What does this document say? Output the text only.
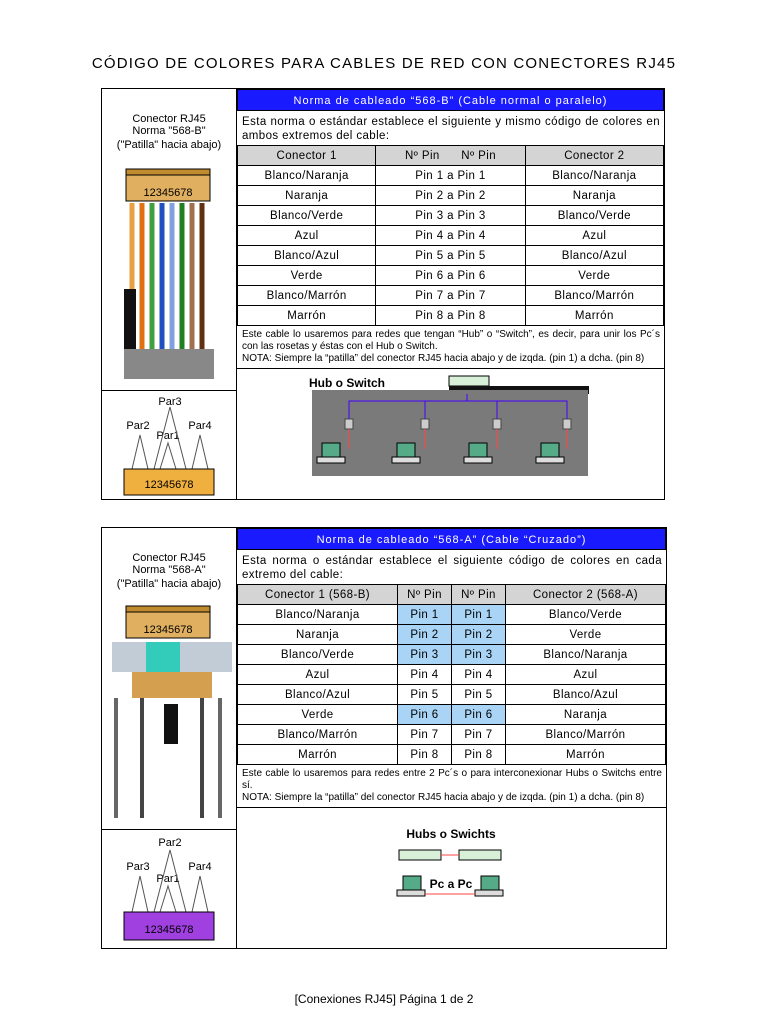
CÓDIGO DE COLORES PARA CABLES DE RED CON CONECTORES RJ45
Conector RJ45
Norma "568-B"
("Patilla" hacia abajo)
12345678
Par3
Par2
Par1
Par4
12345678
Norma de cableado “568-B” (Cable normal o paralelo)
Esta norma o estándar establece el siguiente y mismo código de colores en ambos extremos del cable:
Conector 1	Nº Pin Nº Pin	Conector 2
Blanco/Naranja	Pin 1 a Pin 1	Blanco/Naranja
Naranja	Pin 2 a Pin 2	Naranja
Blanco/Verde	Pin 3 a Pin 3	Blanco/Verde
Azul	Pin 4 a Pin 4	Azul
Blanco/Azul	Pin 5 a Pin 5	Blanco/Azul
Verde	Pin 6 a Pin 6	Verde
Blanco/Marrón	Pin 7 a Pin 7	Blanco/Marrón
Marrón	Pin 8 a Pin 8	Marrón
Este cable lo usaremos para redes que tengan “Hub” o “Switch”, es decir, para unir los Pc´s con las rosetas y éstas con el Hub o Switch.
NOTA: Siempre la “patilla” del conector RJ45 hacia abajo y de izqda. (pin 1) a dcha. (pin 8)
Hub o Switch
Conector RJ45
Norma "568-A"
("Patilla" hacia abajo)
12345678
Par2
Par3
Par1
Par4
12345678
Norma de cableado “568-A” (Cable “Cruzado”)
Esta norma o estándar establece el siguiente código de colores en cada extremo del cable:
Conector 1 (568-B)	Nº Pin	Nº Pin	Conector 2 (568-A)
Blanco/Naranja	Pin 1	Pin 1	Blanco/Verde
Naranja	Pin 2	Pin 2	Verde
Blanco/Verde	Pin 3	Pin 3	Blanco/Naranja
Azul	Pin 4	Pin 4	Azul
Blanco/Azul	Pin 5	Pin 5	Blanco/Azul
Verde	Pin 6	Pin 6	Naranja
Blanco/Marrón	Pin 7	Pin 7	Blanco/Marrón
Marrón	Pin 8	Pin 8	Marrón
Este cable lo usaremos para redes entre 2 Pc´s o para interconexionar Hubs o Switchs entre sí.
NOTA: Siempre la “patilla” del conector RJ45 hacia abajo y de izqda. (pin 1) a dcha. (pin 8)
Hubs o Swichts
Pc a Pc
[Conexiones RJ45] Página 1 de 2
